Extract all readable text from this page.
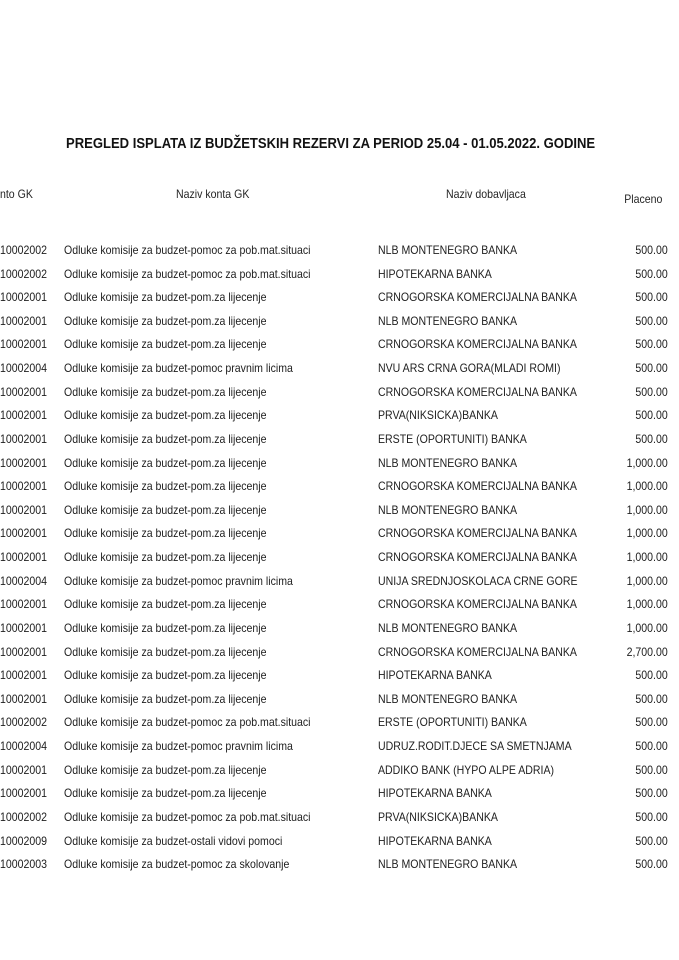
PREGLED ISPLATA IZ BUDŽETSKIH REZERVI ZA PERIOD 25.04 - 01.05.2022. GODINE
nto GK	Naziv konta GK	Naziv dobavljaca	Placeno
10002002 Odluke komisije za budzet-pomoc za pob.mat.situaci	NLB MONTENEGRO BANKA	500.00
10002002 Odluke komisije za budzet-pomoc za pob.mat.situaci	HIPOTEKARNA BANKA	500.00
10002001 Odluke komisije za budzet-pom.za lijecenje	CRNOGORSKA KOMERCIJALNA BANKA	500.00
10002001 Odluke komisije za budzet-pom.za lijecenje	NLB MONTENEGRO BANKA	500.00
10002001 Odluke komisije za budzet-pom.za lijecenje	CRNOGORSKA KOMERCIJALNA BANKA	500.00
10002004 Odluke komisije za budzet-pomoc pravnim licima	NVU ARS CRNA GORA(MLADI ROMI)	500.00
10002001 Odluke komisije za budzet-pom.za lijecenje	CRNOGORSKA KOMERCIJALNA BANKA	500.00
10002001 Odluke komisije za budzet-pom.za lijecenje	PRVA(NIKSICKA)BANKA	500.00
10002001 Odluke komisije za budzet-pom.za lijecenje	ERSTE (OPORTUNITI) BANKA	500.00
10002001 Odluke komisije za budzet-pom.za lijecenje	NLB MONTENEGRO BANKA	1,000.00
10002001 Odluke komisije za budzet-pom.za lijecenje	CRNOGORSKA KOMERCIJALNA BANKA	1,000.00
10002001 Odluke komisije za budzet-pom.za lijecenje	NLB MONTENEGRO BANKA	1,000.00
10002001 Odluke komisije za budzet-pom.za lijecenje	CRNOGORSKA KOMERCIJALNA BANKA	1,000.00
10002001 Odluke komisije za budzet-pom.za lijecenje	CRNOGORSKA KOMERCIJALNA BANKA	1,000.00
10002004 Odluke komisije za budzet-pomoc pravnim licima	UNIJA SREDNJOSKOLACA CRNE GORE	1,000.00
10002001 Odluke komisije za budzet-pom.za lijecenje	CRNOGORSKA KOMERCIJALNA BANKA	1,000.00
10002001 Odluke komisije za budzet-pom.za lijecenje	NLB MONTENEGRO BANKA	1,000.00
10002001 Odluke komisije za budzet-pom.za lijecenje	CRNOGORSKA KOMERCIJALNA BANKA	2,700.00
10002001 Odluke komisije za budzet-pom.za lijecenje	HIPOTEKARNA BANKA	500.00
10002001 Odluke komisije za budzet-pom.za lijecenje	NLB MONTENEGRO BANKA	500.00
10002002 Odluke komisije za budzet-pomoc za pob.mat.situaci	ERSTE (OPORTUNITI) BANKA	500.00
10002004 Odluke komisije za budzet-pomoc pravnim licima	UDRUZ.RODIT.DJECE SA SMETNJAMA	500.00
10002001 Odluke komisije za budzet-pom.za lijecenje	ADDIKO BANK (HYPO ALPE ADRIA)	500.00
10002001 Odluke komisije za budzet-pom.za lijecenje	HIPOTEKARNA BANKA	500.00
10002002 Odluke komisije za budzet-pomoc za pob.mat.situaci	PRVA(NIKSICKA)BANKA	500.00
10002009 Odluke komisije za budzet-ostali vidovi pomoci	HIPOTEKARNA BANKA	500.00
10002003 Odluke komisije za budzet-pomoc za skolovanje	NLB MONTENEGRO BANKA	500.00
